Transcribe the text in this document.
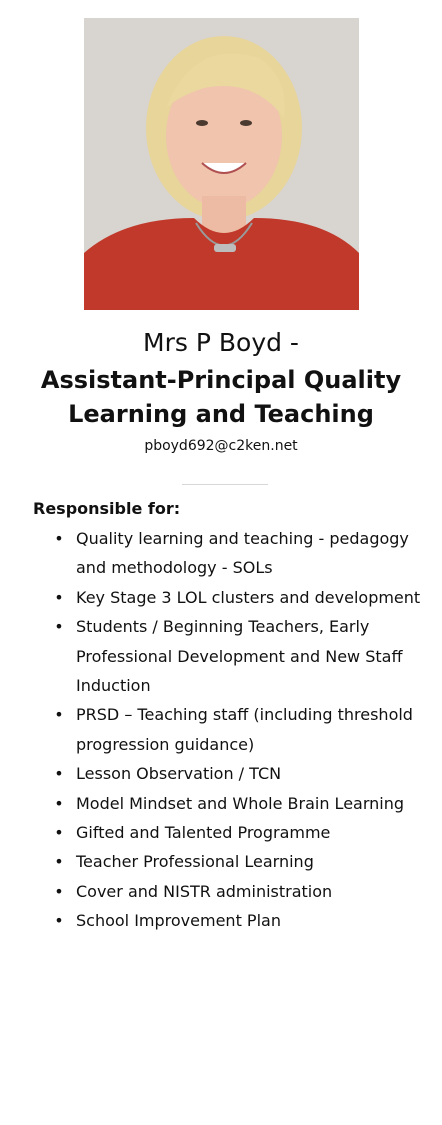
Mrs P Boyd -
Assistant-Principal Quality
Learning and Teaching
pboyd692@c2ken.net
Responsible for:
• Quality learning and teaching - pedagogy
and methodology - SOLs
• Key Stage 3 LOL clusters and development
• Students / Beginning Teachers, Early
Professional Development and New Staff
Induction
• PRSD – Teaching staff (including threshold
progression guidance)
• Lesson Observation / TCN
• Model Mindset and Whole Brain Learning
• Gifted and Talented Programme
• Teacher Professional Learning
• Cover and NISTR administration
• School Improvement Plan
